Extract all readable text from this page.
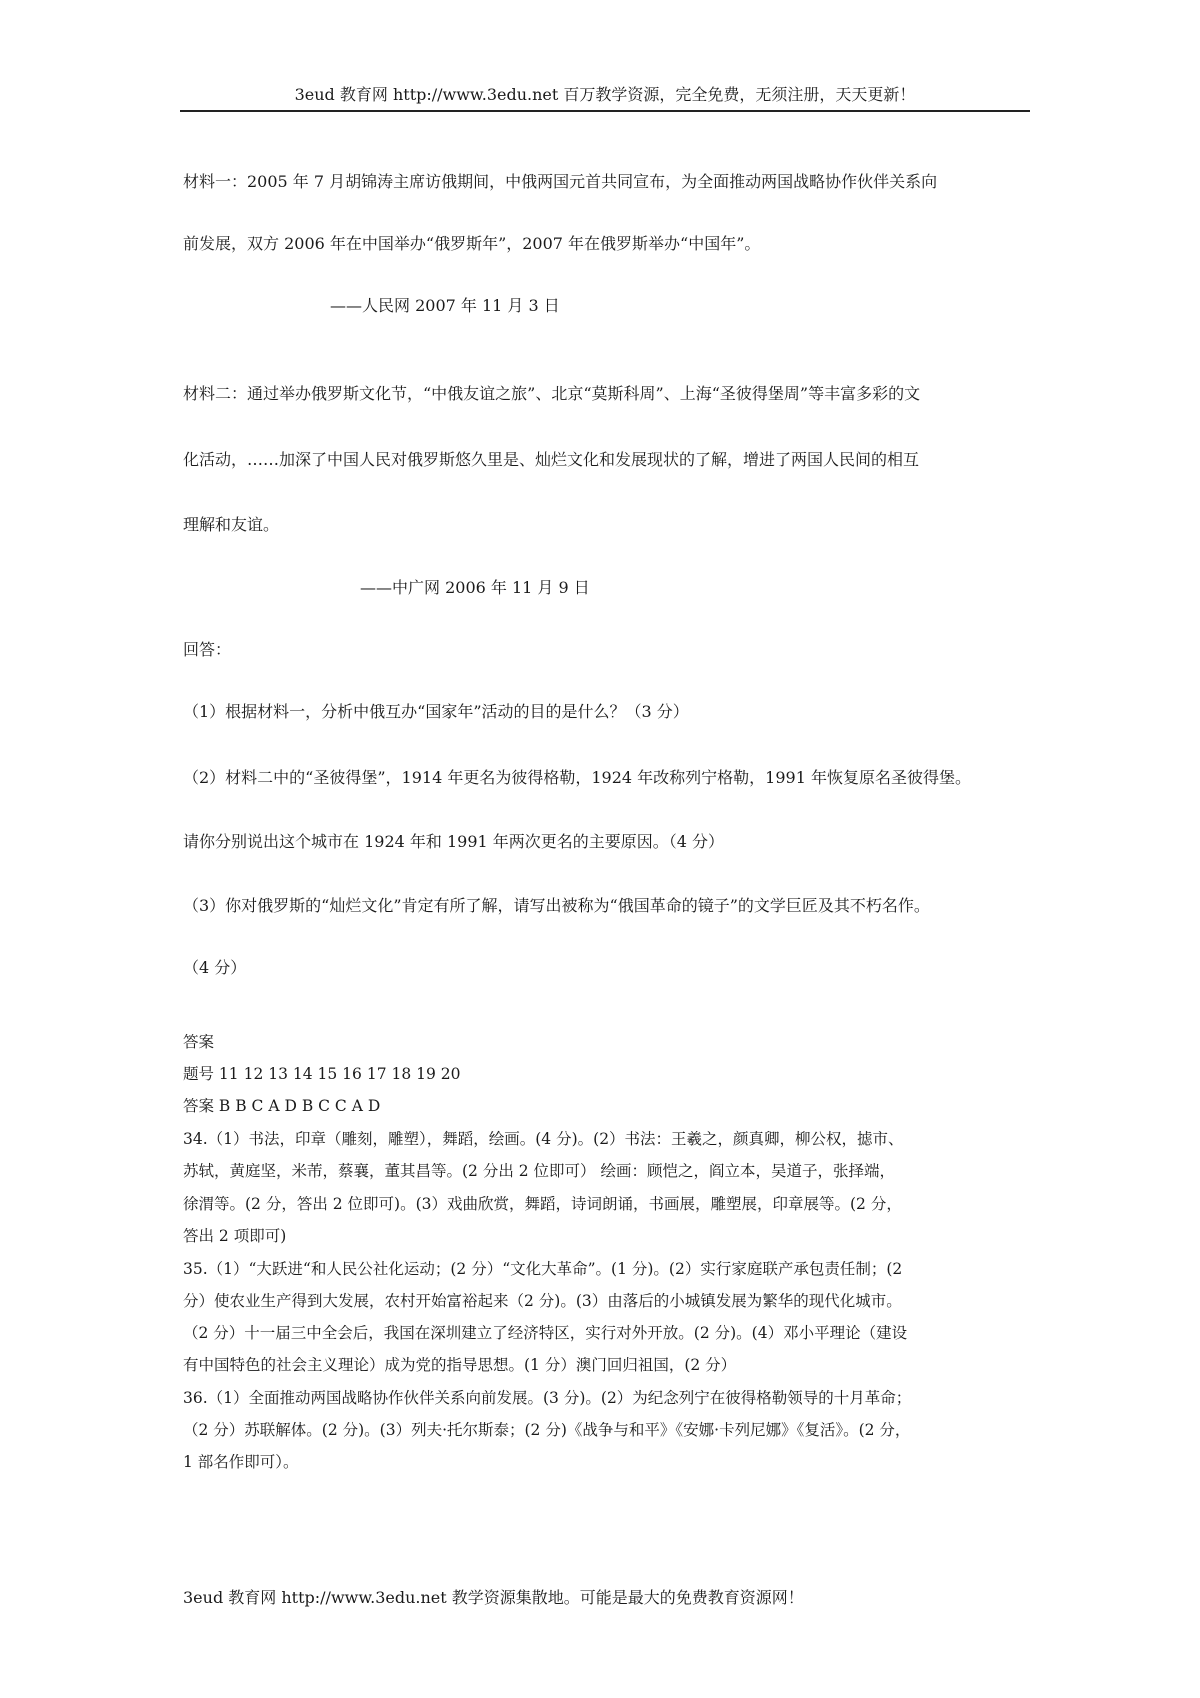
3eud 教育网 http://www.3edu.net 百万教学资源，完全免费，无须注册，天天更新！
材料一：2005 年 7 月胡锦涛主席访俄期间，中俄两国元首共同宣布，为全面推动两国战略协作伙伴关系向
前发展，双方 2006 年在中国举办“俄罗斯年”，2007 年在俄罗斯举办“中国年”。
——人民网 2007 年 11 月 3 日
材料二：通过举办俄罗斯文化节，“中俄友谊之旅”、北京“莫斯科周”、上海“圣彼得堡周”等丰富多彩的文
化活动，……加深了中国人民对俄罗斯悠久里是、灿烂文化和发展现状的了解，增进了两国人民间的相互
理解和友谊。
——中广网 2006 年 11 月 9 日
回答：
（1）根据材料一，分析中俄互办“国家年”活动的目的是什么？（3 分）
（2）材料二中的“圣彼得堡”，1914 年更名为彼得格勒，1924 年改称列宁格勒，1991 年恢复原名圣彼得堡。
请你分别说出这个城市在 1924 年和 1991 年两次更名的主要原因。（4 分）
（3）你对俄罗斯的“灿烂文化”肯定有所了解，请写出被称为“俄国革命的镜子”的文学巨匠及其不朽名作。
（4 分）
答案
题号 11 12 13 14 15 16 17 18 19 20
答案 B B C A D B C C A D
34.（1）书法，印章（雕刻，雕塑），舞蹈，绘画。(4 分)。(2）书法：王羲之，颜真卿，柳公权，摅市、
苏轼，黄庭坚，米芾，蔡襄，董其昌等。(2 分出 2 位即可） 绘画：顾恺之，阎立本，吴道子，张择端，
徐渭等。(2 分，答出 2 位即可)。(3）戏曲欣赏，舞蹈，诗词朗诵，书画展，雕塑展，印章展等。(2 分，
答出 2 项即可)
35.（1）“大跃进“和人民公社化运动；(2 分）“文化大革命”。(1 分)。(2）实行家庭联产承包责任制；(2
分）使农业生产得到大发展，农村开始富裕起来（2 分)。(3）由落后的小城镇发展为繁华的现代化城市。
（2 分）十一届三中全会后，我国在深圳建立了经济特区，实行对外开放。(2 分)。(4）邓小平理论（建设
有中国特色的社会主义理论）成为党的指导思想。(1 分）澳门回归祖国，(2 分）
36.（1）全面推动两国战略协作伙伴关系向前发展。(3 分)。(2）为纪念列宁在彼得格勒领导的十月革命；
（2 分）苏联解体。(2 分)。(3）列夫·托尔斯泰；(2 分)《战争与和平》《安娜·卡列尼娜》《复活》。(2 分，
1 部名作即可）。
3eud 教育网 http://www.3edu.net 教学资源集散地。可能是最大的免费教育资源网！
